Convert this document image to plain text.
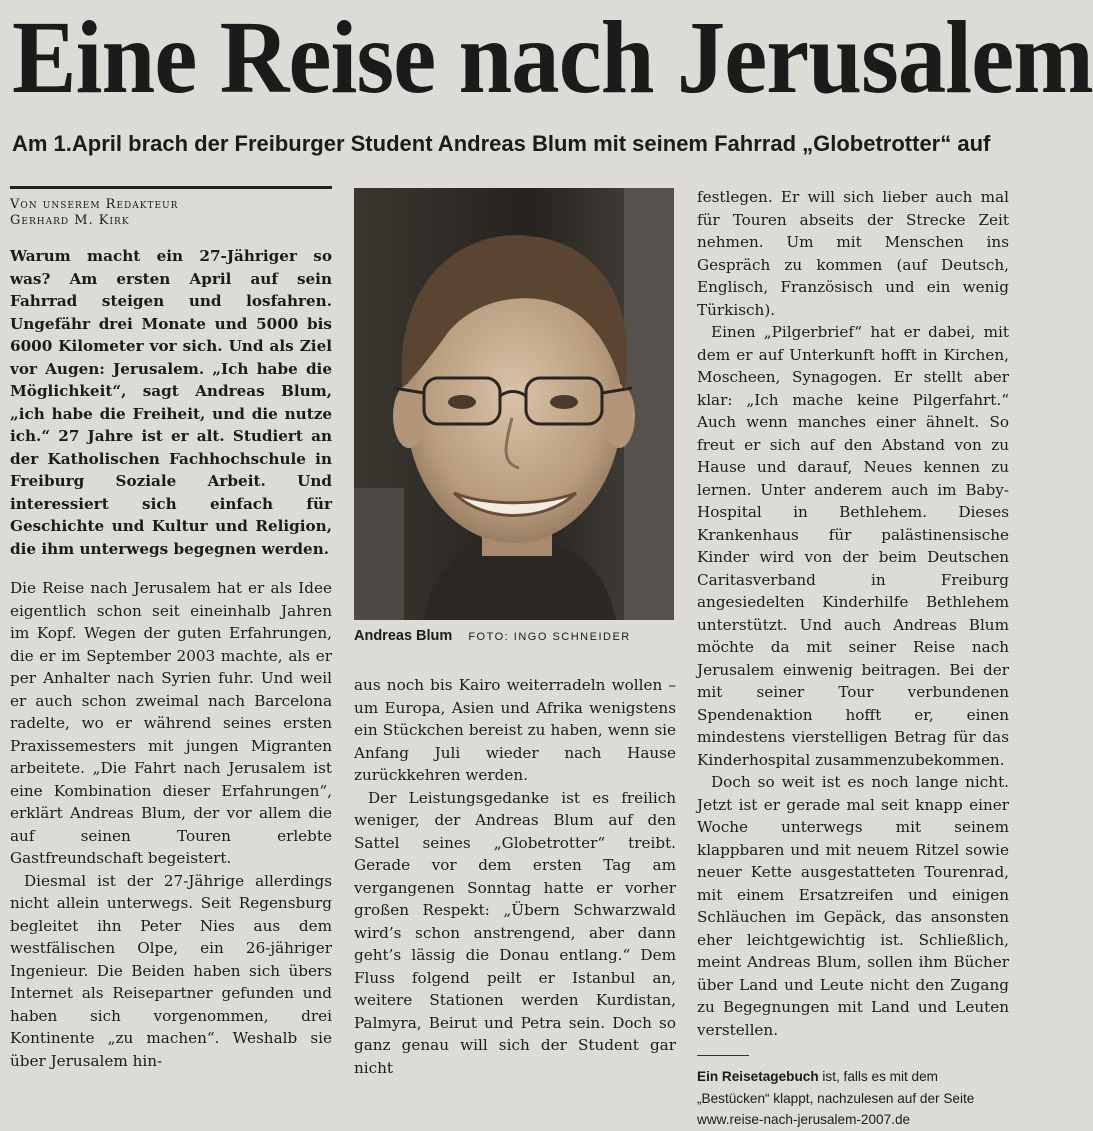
Eine Reise nach Jerusalem
Am 1.April brach der Freiburger Student Andreas Blum mit seinem Fahrrad „Globetrotter“ auf
Von unserem Redakteur
Gerhard M. Kirk

Warum macht ein 27-Jähriger so was? Am ersten April auf sein Fahrrad steigen und losfahren. Ungefähr drei Monate und 5000 bis 6000 Kilometer vor sich. Und als Ziel vor Augen: Jerusalem. „Ich habe die Möglichkeit“, sagt Andreas Blum,„ich habe die Freiheit, und die nutze ich.“ 27 Jahre ist er alt. Studiert an der Katholischen Fachhochschule in Freiburg Soziale Arbeit. Und interessiert sich einfach für Geschichte und Kultur und Religion, die ihm unterwegs begegnen werden.

Die Reise nach Jerusalem hat er als Idee eigentlich schon seit eineinhalb Jahren im Kopf. Wegen der guten Erfahrungen, die er im September 2003 machte, als er per Anhalter nach Syrien fuhr. Und weil er auch schon zweimal nach Barcelona radelte, wo er während seines ersten Praxissemesters mit jungen Migranten arbeitete. „Die Fahrt nach Jerusalem ist eine Kombination dieser Erfahrungen“, erklärt Andreas Blum, der vor allem die auf seinen Touren erlebte Gastfreundschaft begeistert.

Diesmal ist der 27-Jährige allerdings nicht allein unterwegs. Seit Regensburg begleitet ihn Peter Nies aus dem westfälischen Olpe, ein 26-jähriger Ingenieur. Die Beiden haben sich übers Internet als Reisepartner gefunden und haben sich vorgenommen, drei Kontinente „zu machen“. Weshalb sie über Jerusalem hin-

Andreas Blum FOTO: INGO SCHNEIDER

aus noch bis Kairo weiterradeln wollen – um Europa, Asien und Afrika wenigstens ein Stückchen bereist zu haben, wenn sie Anfang Juli wieder nach Hause zurückkehren werden.

Der Leistungsgedanke ist es freilich weniger, der Andreas Blum auf den Sattel seines „Globetrotter“ treibt. Gerade vor dem ersten Tag am vergangenen Sonntag hatte er vorher großen Respekt: „Übern Schwarzwald wird’s schon anstrengend, aber dann geht’s lässig die Donau entlang.“ Dem Fluss folgend peilt er Istanbul an, weitere Stationen werden Kurdistan, Palmyra, Beirut und Petra sein. Doch so ganz genau will sich der Student gar nicht

festlegen. Er will sich lieber auch mal für Touren abseits der Strecke Zeit nehmen. Um mit Menschen ins Gespräch zu kommen (auf Deutsch, Englisch, Französisch und ein wenig Türkisch).

Einen „Pilgerbrief“ hat er dabei, mit dem er auf Unterkunft hofft in Kirchen, Moscheen, Synagogen. Er stellt aber klar: „Ich mache keine Pilgerfahrt.“ Auch wenn manches einer ähnelt. So freut er sich auf den Abstand von zu Hause und darauf, Neues kennen zu lernen. Unter anderem auch im Baby-Hospital in Bethlehem. Dieses Krankenhaus für palästinensische Kinder wird von der beim Deutschen Caritasverband in Freiburg angesiedelten Kinderhilfe Bethlehem unterstützt. Und auch Andreas Blum möchte da mit seiner Reise nach Jerusalem einwenig beitragen. Bei der mit seiner Tour verbundenen Spendenaktion hofft er, einen mindestens vierstelligen Betrag für das Kinderhospital zusammenzubekommen.

Doch so weit ist es noch lange nicht. Jetzt ist er gerade mal seit knapp einer Woche unterwegs mit seinem klappbaren und mit neuem Ritzel sowie neuer Kette ausgestatteten Tourenrad, mit einem Ersatzreifen und einigen Schläuchen im Gepäck, das ansonsten eher leichtgewichtig ist. Schließlich, meint Andreas Blum, sollen ihm Bücher über Land und Leute nicht den Zugang zu Begegnungen mit Land und Leuten verstellen.

Ein Reisetagebuch ist, falls es mit dem „Bestücken“ klappt, nachzulesen auf der Seite www.reise-nach-jerusalem-2007.de
